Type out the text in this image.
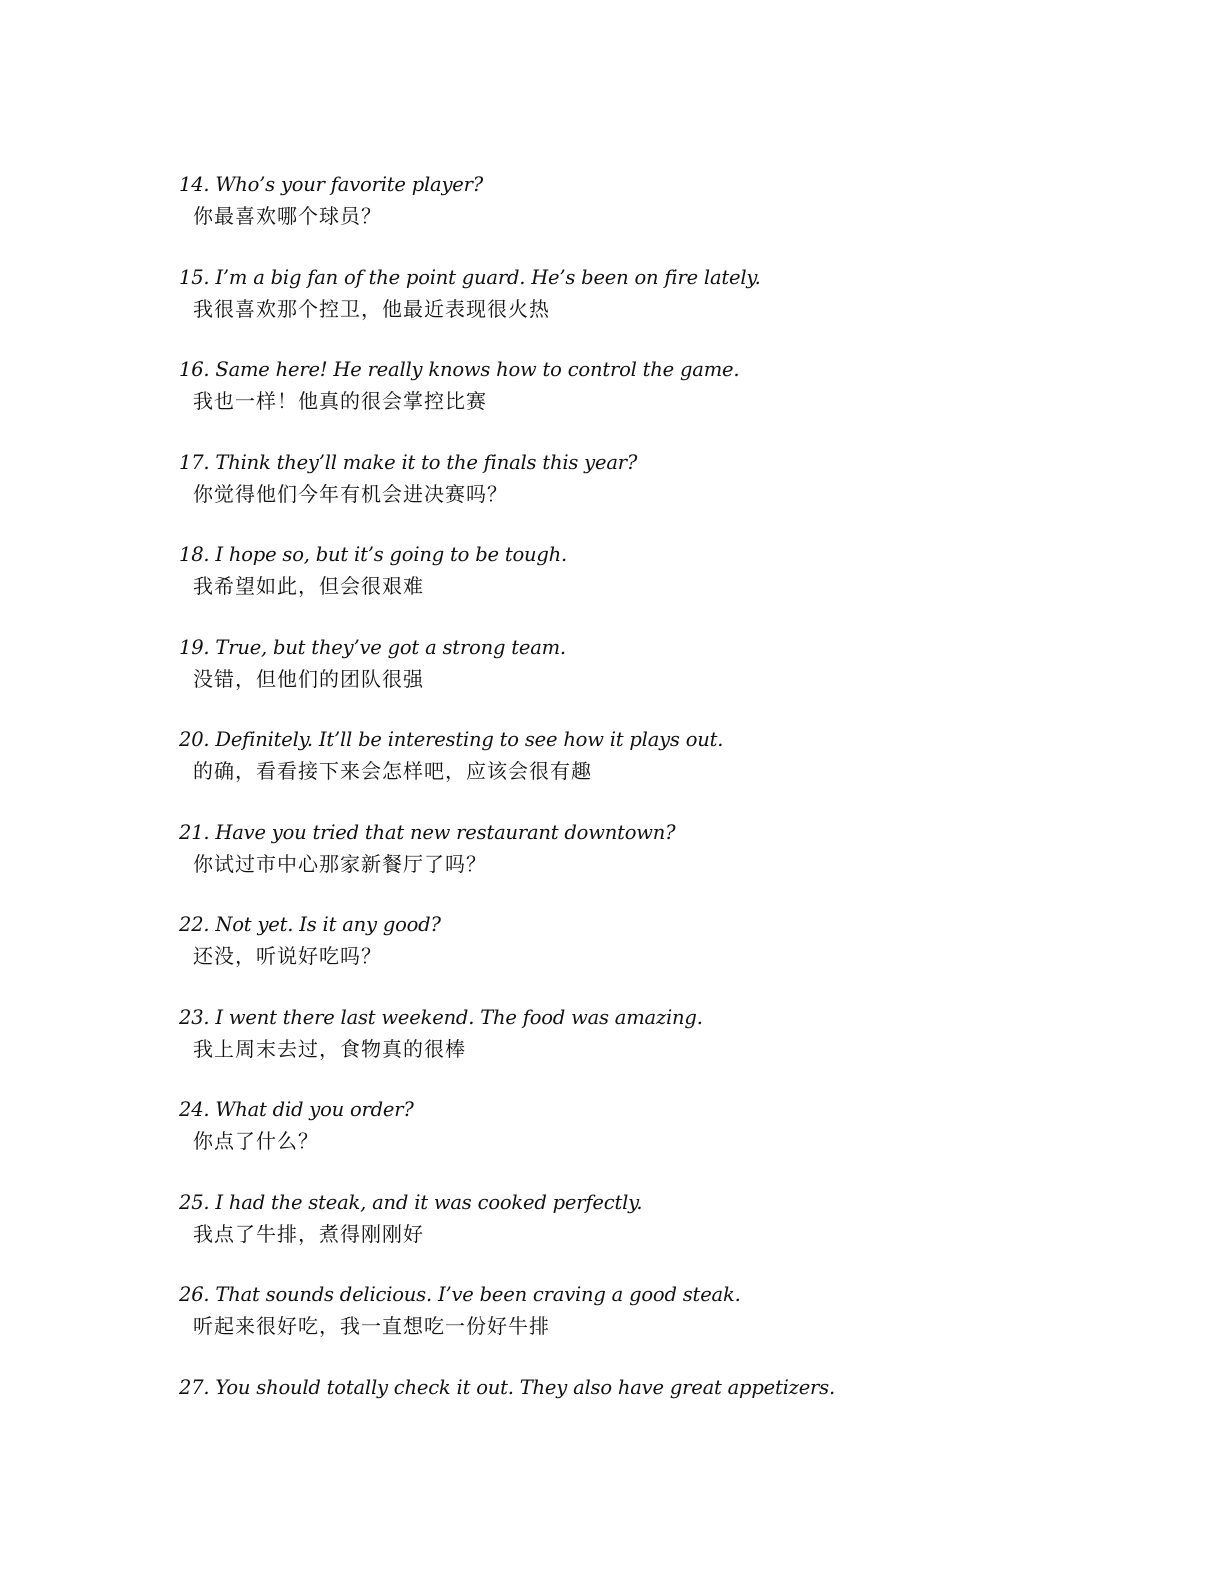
14. Who’s your favorite player?
你最喜欢哪个球员？
15. I’m a big fan of the point guard. He’s been on fire lately.
我很喜欢那个控卫，他最近表现很火热
16. Same here! He really knows how to control the game.
我也一样！他真的很会掌控比赛
17. Think they’ll make it to the finals this year?
你觉得他们今年有机会进决赛吗？
18. I hope so, but it’s going to be tough.
我希望如此，但会很艰难
19. True, but they’ve got a strong team.
没错，但他们的团队很强
20. Definitely. It’ll be interesting to see how it plays out.
的确，看看接下来会怎样吧，应该会很有趣
21. Have you tried that new restaurant downtown?
你试过市中心那家新餐厅了吗？
22. Not yet. Is it any good?
还没，听说好吃吗？
23. I went there last weekend. The food was amazing.
我上周末去过，食物真的很棒
24. What did you order?
你点了什么？
25. I had the steak, and it was cooked perfectly.
我点了牛排，煮得刚刚好
26. That sounds delicious. I’ve been craving a good steak.
听起来很好吃，我一直想吃一份好牛排
27. You should totally check it out. They also have great appetizers.
